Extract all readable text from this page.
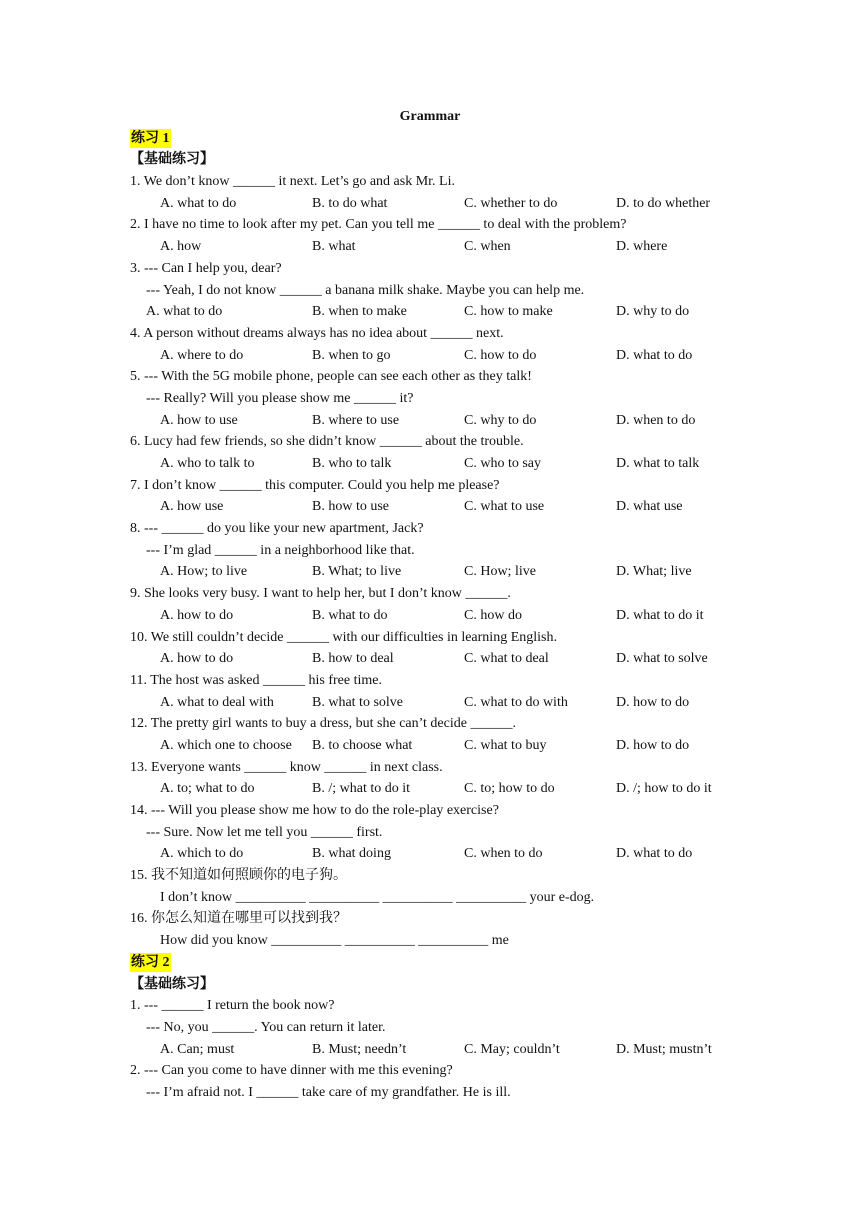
Grammar
练习 1
【基础练习】
1. We don’t know ______ it next. Let’s go and ask Mr. Li.
A. what to do	B. to do what	C. whether to do	D. to do whether
2. I have no time to look after my pet. Can you tell me ______ to deal with the problem?
A. how	B. what	C. when	D. where
3. --- Can I help you, dear?
--- Yeah, I do not know ______ a banana milk shake. Maybe you can help me.
A. what to do	B. when to make	C. how to make	D. why to do
4. A person without dreams always has no idea about ______ next.
A. where to do	B. when to go	C. how to do	D. what to do
5. --- With the 5G mobile phone, people can see each other as they talk!
--- Really? Will you please show me ______ it?
A. how to use	B. where to use	C. why to do	D. when to do
6. Lucy had few friends, so she didn’t know ______ about the trouble.
A. who to talk to	B. who to talk	C. who to say	D. what to talk
7. I don’t know ______ this computer. Could you help me please?
A. how use	B. how to use	C. what to use	D. what use
8. --- ______ do you like your new apartment, Jack?
--- I’m glad ______ in a neighborhood like that.
A. How; to live	B. What; to live	C. How; live	D. What; live
9. She looks very busy. I want to help her, but I don’t know ______.
A. how to do	B. what to do	C. how do	D. what to do it
10. We still couldn’t decide ______ with our difficulties in learning English.
A. how to do	B. how to deal	C. what to deal	D. what to solve
11. The host was asked ______ his free time.
A. what to deal with	B. what to solve	C. what to do with	D. how to do
12. The pretty girl wants to buy a dress, but she can’t decide ______.
A. which one to choose B. to choose what	C. what to buy	D. how to do
13. Everyone wants ______ know ______ in next class.
A. to; what to do	B. /; what to do it	C. to; how to do	D. /; how to do it
14. --- Will you please show me how to do the role-play exercise?
--- Sure. Now let me tell you ______ first.
A. which to do	B. what doing	C. when to do	D. what to do
15. 我不知道如何照顾你的电子狗。
I don’t know __________ __________ __________ __________ your e-dog.
16. 你怎么知道在哪里可以找到我？
How did you know __________ __________ __________ me
练习 2
【基础练习】
1. --- ______ I return the book now?
--- No, you ______. You can return it later.
A. Can; must	B. Must; needn’t	C. May; couldn’t	D. Must; mustn’t
2. --- Can you come to have dinner with me this evening?
--- I’m afraid not. I ______ take care of my grandfather. He is ill.
